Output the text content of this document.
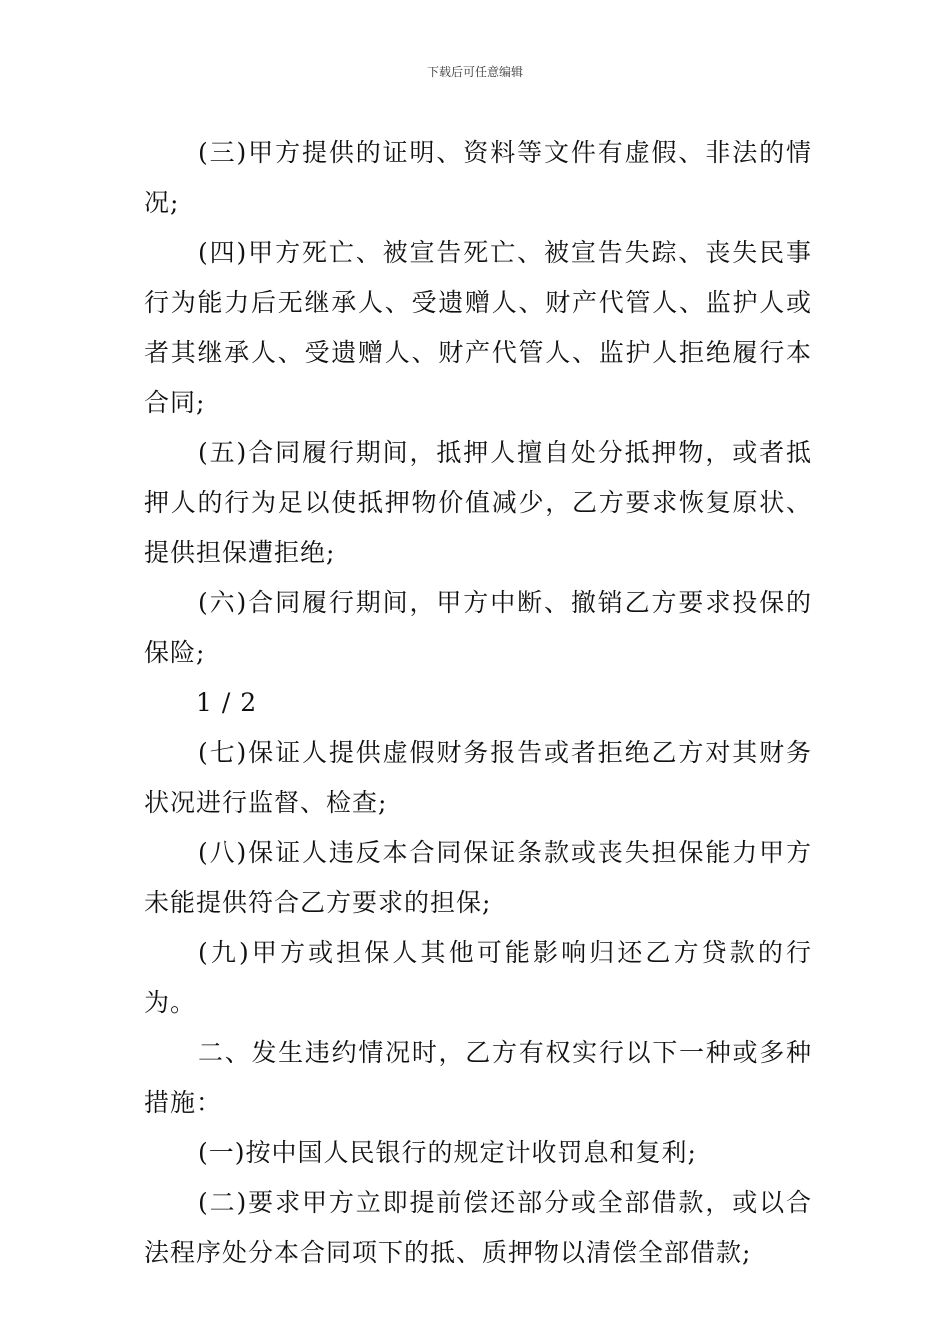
下载后可任意编辑

(三)甲方提供的证明、资料等文件有虚假、非法的情况;

(四)甲方死亡、被宣告死亡、被宣告失踪、丧失民事行为能力后无继承人、受遗赠人、财产代管人、监护人或者其继承人、受遗赠人、财产代管人、监护人拒绝履行本合同;

(五)合同履行期间，抵押人擅自处分抵押物，或者抵押人的行为足以使抵押物价值减少，乙方要求恢复原状、提供担保遭拒绝;

(六)合同履行期间，甲方中断、撤销乙方要求投保的保险;

1 / 2

(七)保证人提供虚假财务报告或者拒绝乙方对其财务状况进行监督、检查;

(八)保证人违反本合同保证条款或丧失担保能力甲方未能提供符合乙方要求的担保;

(九)甲方或担保人其他可能影响归还乙方贷款的行为。

二、发生违约情况时，乙方有权实行以下一种或多种措施：

(一)按中国人民银行的规定计收罚息和复利;

(二)要求甲方立即提前偿还部分或全部借款，或以合法程序处分本合同项下的抵、质押物以清偿全部借款;
